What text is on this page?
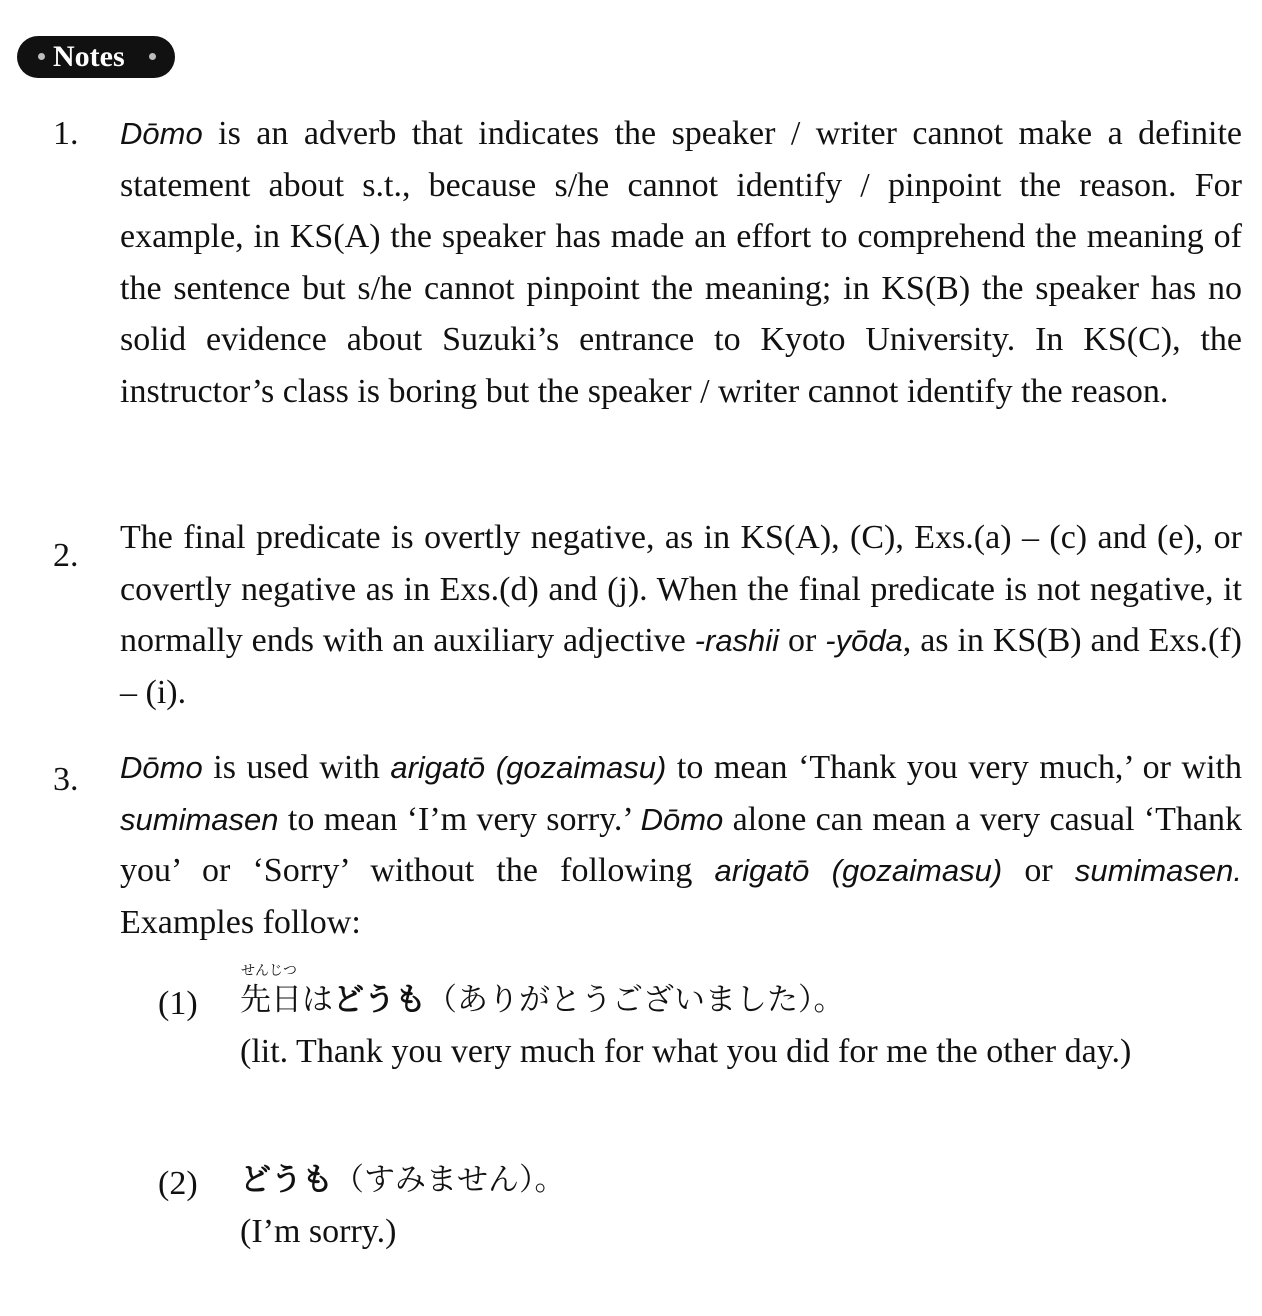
Notes
1. Dōmo is an adverb that indicates the speaker / writer cannot make a definite statement about s.t., because s/he cannot identify / pinpoint the reason. For example, in KS(A) the speaker has made an effort to comprehend the meaning of the sentence but s/he cannot pinpoint the meaning; in KS(B) the speaker has no solid evidence about Suzuki’s entrance to Kyoto University. In KS(C), the instructor’s class is boring but the speaker / writer cannot identify the reason.
2. The final predicate is overtly negative, as in KS(A), (C), Exs.(a) – (c) and (e), or covertly negative as in Exs.(d) and (j). When the final predicate is not negative, it normally ends with an auxiliary adjective -rashii or -yōda, as in KS(B) and Exs.(f) – (i).
3. Dōmo is used with arigatō (gozaimasu) to mean ‘Thank you very much,’ or with sumimasen to mean ‘I’m very sorry.’ Dōmo alone can mean a very casual ‘Thank you’ or ‘Sorry’ without the following arigatō (gozaimasu) or sumimasen. Examples follow:
(1)
せんじつ
先日はどうも（ありがとうございました）。
(lit. Thank you very much for what you did for me the other day.)
(2) どうも（すみません）。
(I’m sorry.)
